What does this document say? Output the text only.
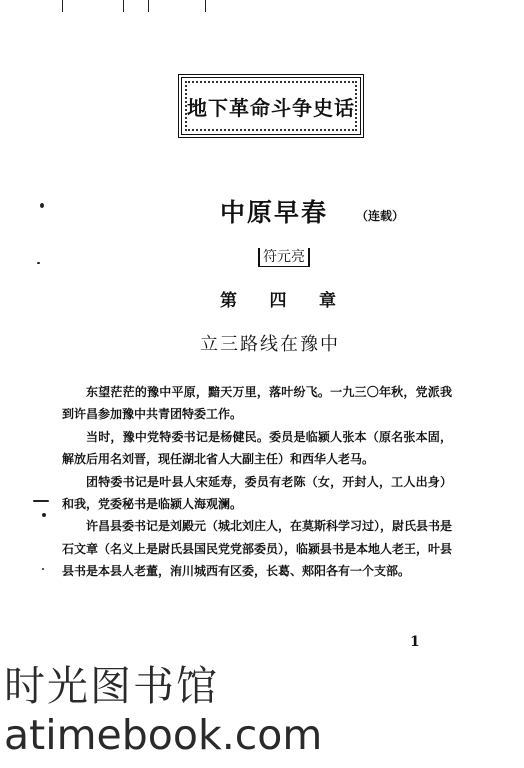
地下革命斗争史话
中原早春 （连载）
符元亮
第 四 章
立三路线在豫中

东望茫茫的豫中平原，黯天万里，落叶纷飞。一九三〇年秋，党派我到许昌参加豫中共青团特委工作。

当时，豫中党特委书记是杨健民。委员是临颍人张本（原名张本固，解放后用名刘晋，现任湖北省人大副主任）和西华人老马。

团特委书记是叶县人宋延寿，委员有老陈（女，开封人，工人出身）和我，党委秘书是临颍人海观澜。

许昌县委书记是刘殿元（城北刘庄人，在莫斯科学习过），尉氏县书是石文章（名义上是尉氏县国民党党部委员），临颍县书是本地人老王，叶县县书是本县人老董，洧川城西有区委，长葛、郏阳各有一个支部。

1
时光图书馆
atimebook.com
